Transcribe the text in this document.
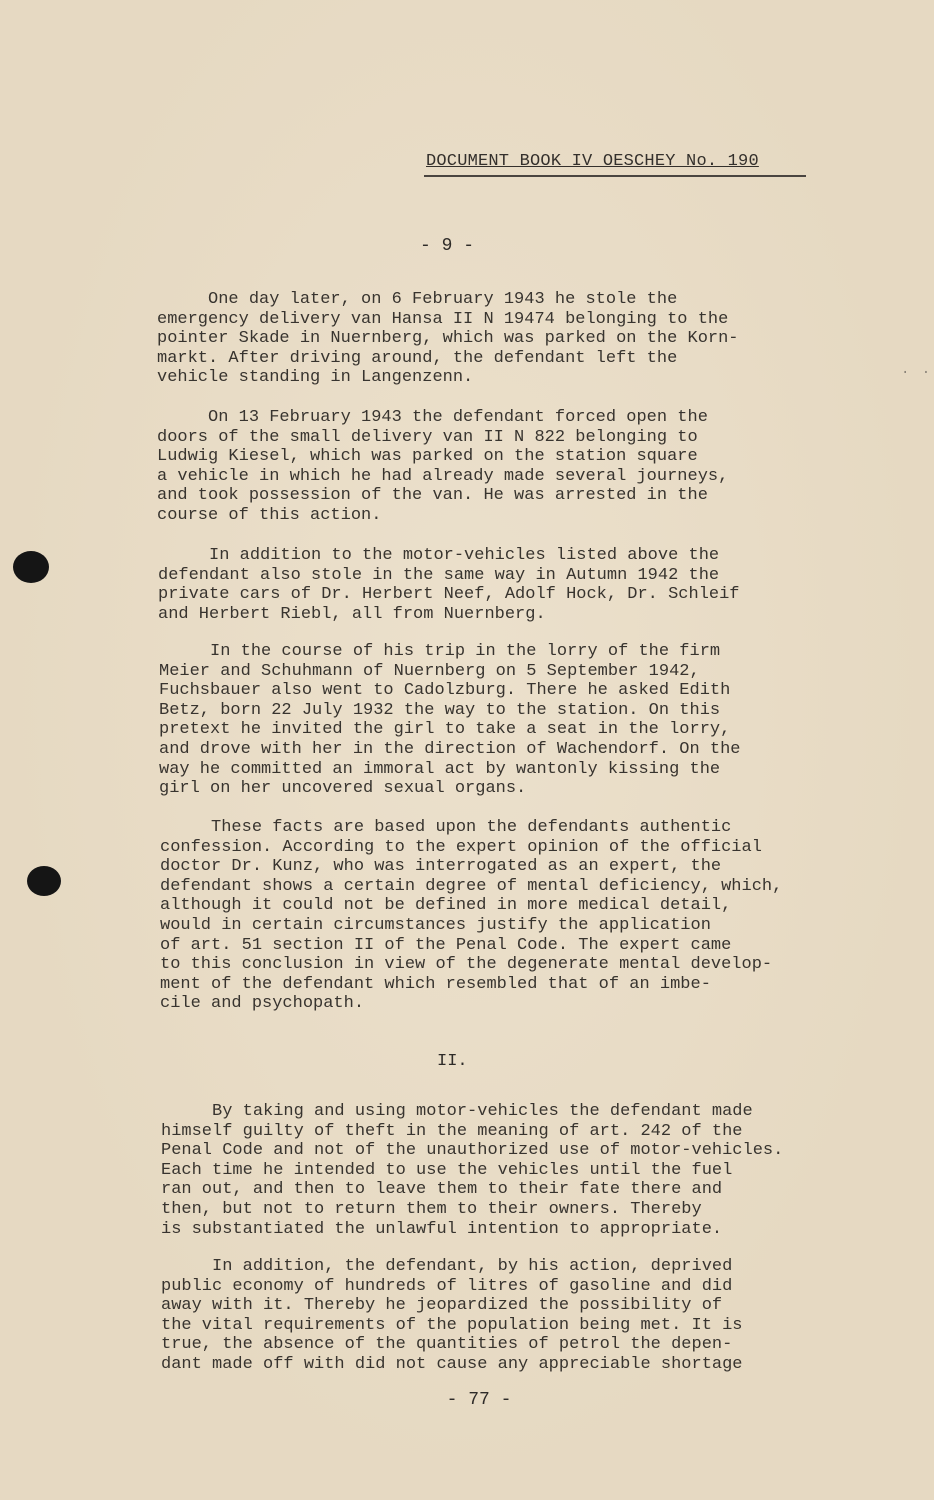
DOCUMENT BOOK IV OESCHEY No. 190
- 9 -

One day later, on 6 February 1943 he stole the
emergency delivery van Hansa II N 19474 belonging to the
pointer Skade in Nuernberg, which was parked on the Korn-
markt. After driving around, the defendant left the
vehicle standing in Langenzenn.

On 13 February 1943 the defendant forced open the
doors of the small delivery van II N 822 belonging to
Ludwig Kiesel, which was parked on the station square
a vehicle in which he had already made several journeys,
and took possession of the van. He was arrested in the
course of this action.

In addition to the motor-vehicles listed above the
defendant also stole in the same way in Autumn 1942 the
private cars of Dr. Herbert Neef, Adolf Hock, Dr. Schleif
and Herbert Riebl, all from Nuernberg.

In the course of his trip in the lorry of the firm
Meier and Schuhmann of Nuernberg on 5 September 1942,
Fuchsbauer also went to Cadolzburg. There he asked Edith
Betz, born 22 July 1932 the way to the station. On this
pretext he invited the girl to take a seat in the lorry,
and drove with her in the direction of Wachendorf. On the
way he committed an immoral act by wantonly kissing the
girl on her uncovered sexual organs.

These facts are based upon the defendants authentic
confession. According to the expert opinion of the official
doctor Dr. Kunz, who was interrogated as an expert, the
defendant shows a certain degree of mental deficiency, which,
although it could not be defined in more medical detail,
would in certain circumstances justify the application
of art. 51 section II of the Penal Code. The expert came
to this conclusion in view of the degenerate mental develop-
ment of the defendant which resembled that of an imbe-
cile and psychopath.

II.

By taking and using motor-vehicles the defendant made
himself guilty of theft in the meaning of art. 242 of the
Penal Code and not of the unauthorized use of motor-vehicles.
Each time he intended to use the vehicles until the fuel
ran out, and then to leave them to their fate there and
then, but not to return them to their owners. Thereby
is substantiated the unlawful intention to appropriate.

In addition, the defendant, by his action, deprived
public economy of hundreds of litres of gasoline and did
away with it. Thereby he jeopardized the possibility of
the vital requirements of the population being met. It is
true, the absence of the quantities of petrol the depen-
dant made off with did not cause any appreciable shortage

- 77 -
· ·
